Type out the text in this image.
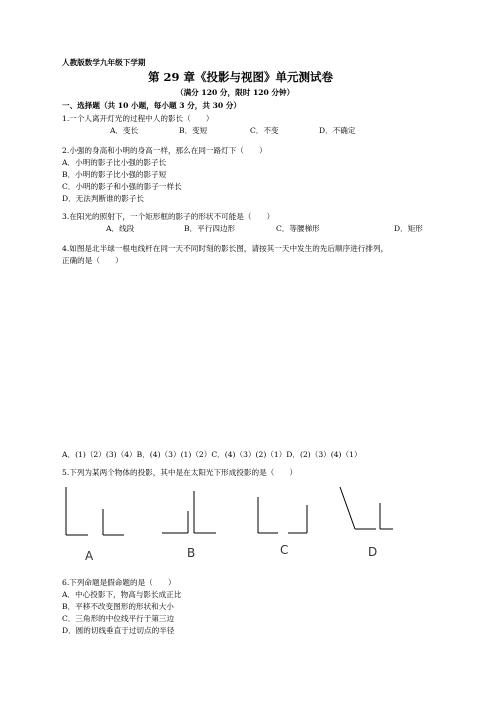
人教版数学九年级下学期
第 29 章《投影与视图》单元测试卷
（满分 120 分，限时 120 分钟）
一、选择题（共 10 小题，每小题 3 分，共 30 分）
1.一个人离开灯光的过程中人的影长（　　）
A．变长	B．变短	C．不变	D．不确定
2.小强的身高和小明的身高一样，那么在同一路灯下（　　）
A．小明的影子比小强的影子长
B．小明的影子比小强的影子短
C．小明的影子和小强的影子一样长
D．无法判断谁的影子长
3.在阳光的照射下，一个矩形框的影子的形状不可能是（　　）
A．线段	B．平行四边形	C．等腰梯形	D．矩形
4.如图是北半球一根电线杆在同一天不同时刻的影长图，请按其一天中发生的先后顺序进行排列，
正确的是（　　）
A．(1)（2）(3)（4）B．(4)（3）(1)（2）C．(4)（3）(2)（1）D．(2)（3）(4)（1）
5.下列为某两个物体的投影，其中是在太阳光下形成投影的是（　　）
A	B	C	D
6.下列命题是假命题的是（　　）
A．中心投影下，物高与影长成正比
B．平移不改变图形的形状和大小
C．三角形的中位线平行于第三边
D．圆的切线垂直于过切点的半径
